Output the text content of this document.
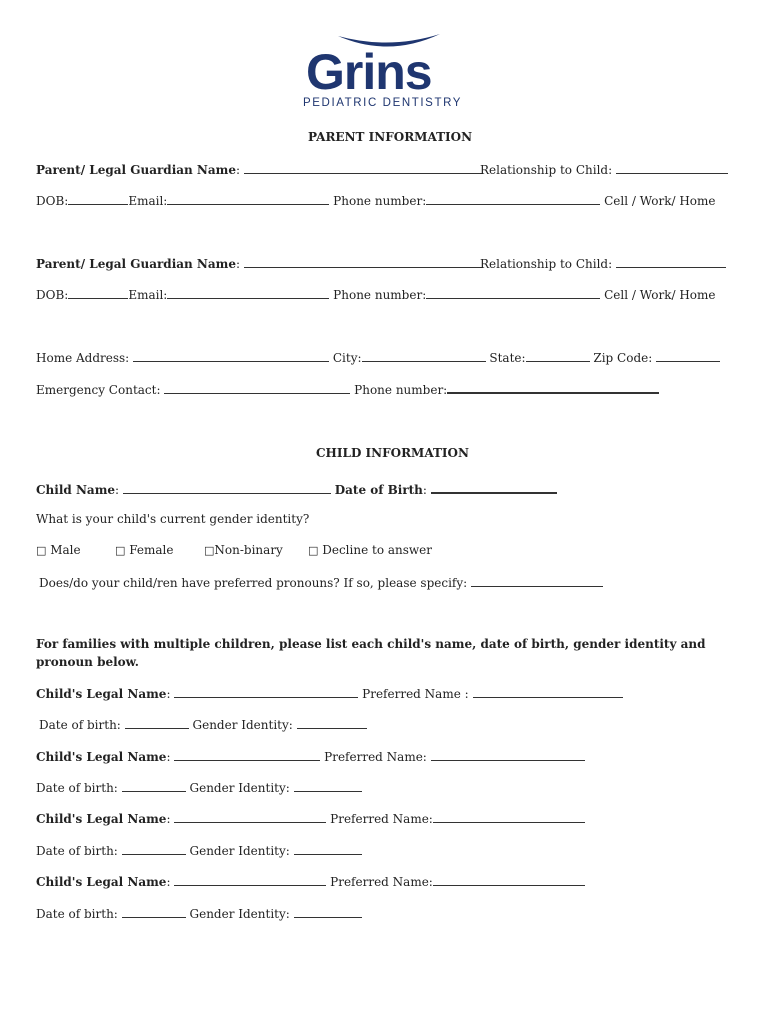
Grins
PEDIATRIC DENTISTRY
PARENT INFORMATION
Parent/ Legal Guardian Name:	Relationship to Child:
DOB:	Email:	Phone number:	Cell / Work/ Home
Parent/ Legal Guardian Name:	Relationship to Child:
DOB:	Email:	Phone number:	Cell / Work/ Home
Home Address:	City:	State:	Zip Code:
Emergency Contact:	Phone number:
CHILD INFORMATION
Child Name:	Date of Birth:
What is your child's current gender identity?
□ Male	□ Female	□Non-binary □ Decline to answer
Does/do your child/ren have preferred pronouns? If so, please specify:
For families with multiple children, please list each child's name, date of birth, gender identity and
pronoun below.
Child's Legal Name:	Preferred Name :
Date of birth:	Gender Identity:
Child's Legal Name:	Preferred Name:
Date of birth:	Gender Identity:
Child's Legal Name:	Preferred Name:
Date of birth:	Gender Identity:
Child's Legal Name:	Preferred Name:
Date of birth:	Gender Identity:
